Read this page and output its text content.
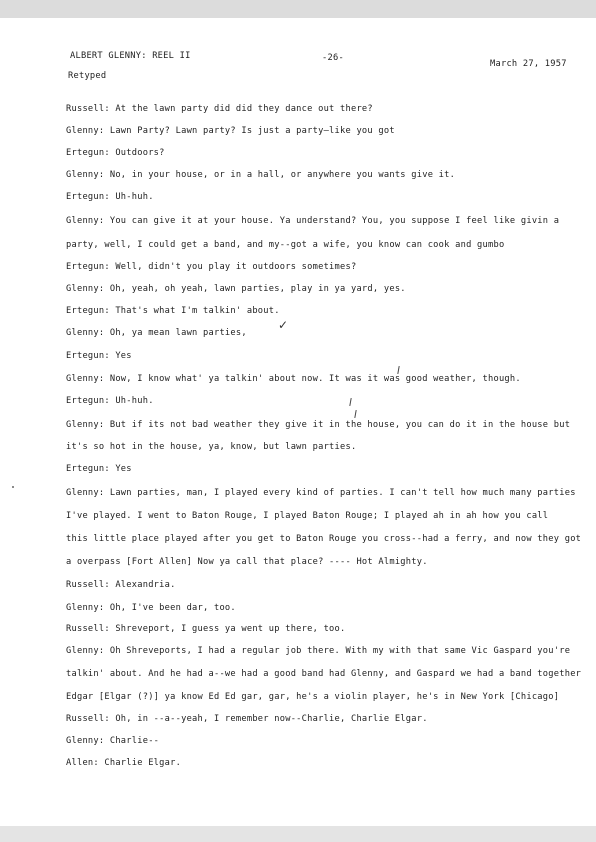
ALBERT GLENNY: REEL II	-26-
March 27, 1957
Retyped
Russell: At the lawn party did did they dance out there?
Glenny: Lawn Party? Lawn party? Is just a party—like you got
Ertegun: Outdoors?
Glenny: No, in your house, or in a hall, or anywhere you wants give it.
Ertegun: Uh-huh.
Glenny: You can give it at your house. Ya understand? You, you suppose I feel like givin a
party, well, I could get a band, and my--got a wife, you know can cook and gumbo
Ertegun: Well, didn't you play it outdoors sometimes?
Glenny: Oh, yeah, oh yeah, lawn parties, play in ya yard, yes.
Ertegun: That's what I'm talkin' about.
Glenny: Oh, ya mean lawn parties,
Ertegun: Yes
Glenny: Now, I know what' ya talkin' about now. It was it was good weather, though.
Ertegun: Uh-huh.
Glenny: But if its not bad weather they give it in the house, you can do it in the house but
it's so hot in the house, ya, know, but lawn parties.
Ertegun: Yes
Glenny: Lawn parties, man, I played every kind of parties. I can't tell how much many parties
I've played. I went to Baton Rouge, I played Baton Rouge; I played ah in ah how you call
this little place played after you get to Baton Rouge you cross--had a ferry, and now they got
a overpass [Fort Allen] Now ya call that place? ---- Hot Almighty.
Russell: Alexandria.
Glenny: Oh, I've been dar, too.
Russell: Shreveport, I guess ya went up there, too.
Glenny: Oh Shreveports, I had a regular job there. With my with that same Vic Gaspard you're
talkin' about. And he had a--we had a good band had Glenny, and Gaspard we had a band together
Edgar [Elgar (?)] ya know Ed Ed gar, gar, he's a violin player, he's in New York [Chicago]
Russell: Oh, in --a--yeah, I remember now--Charlie, Charlie Elgar.
Glenny: Charlie--
Allen: Charlie Elgar.
✓
